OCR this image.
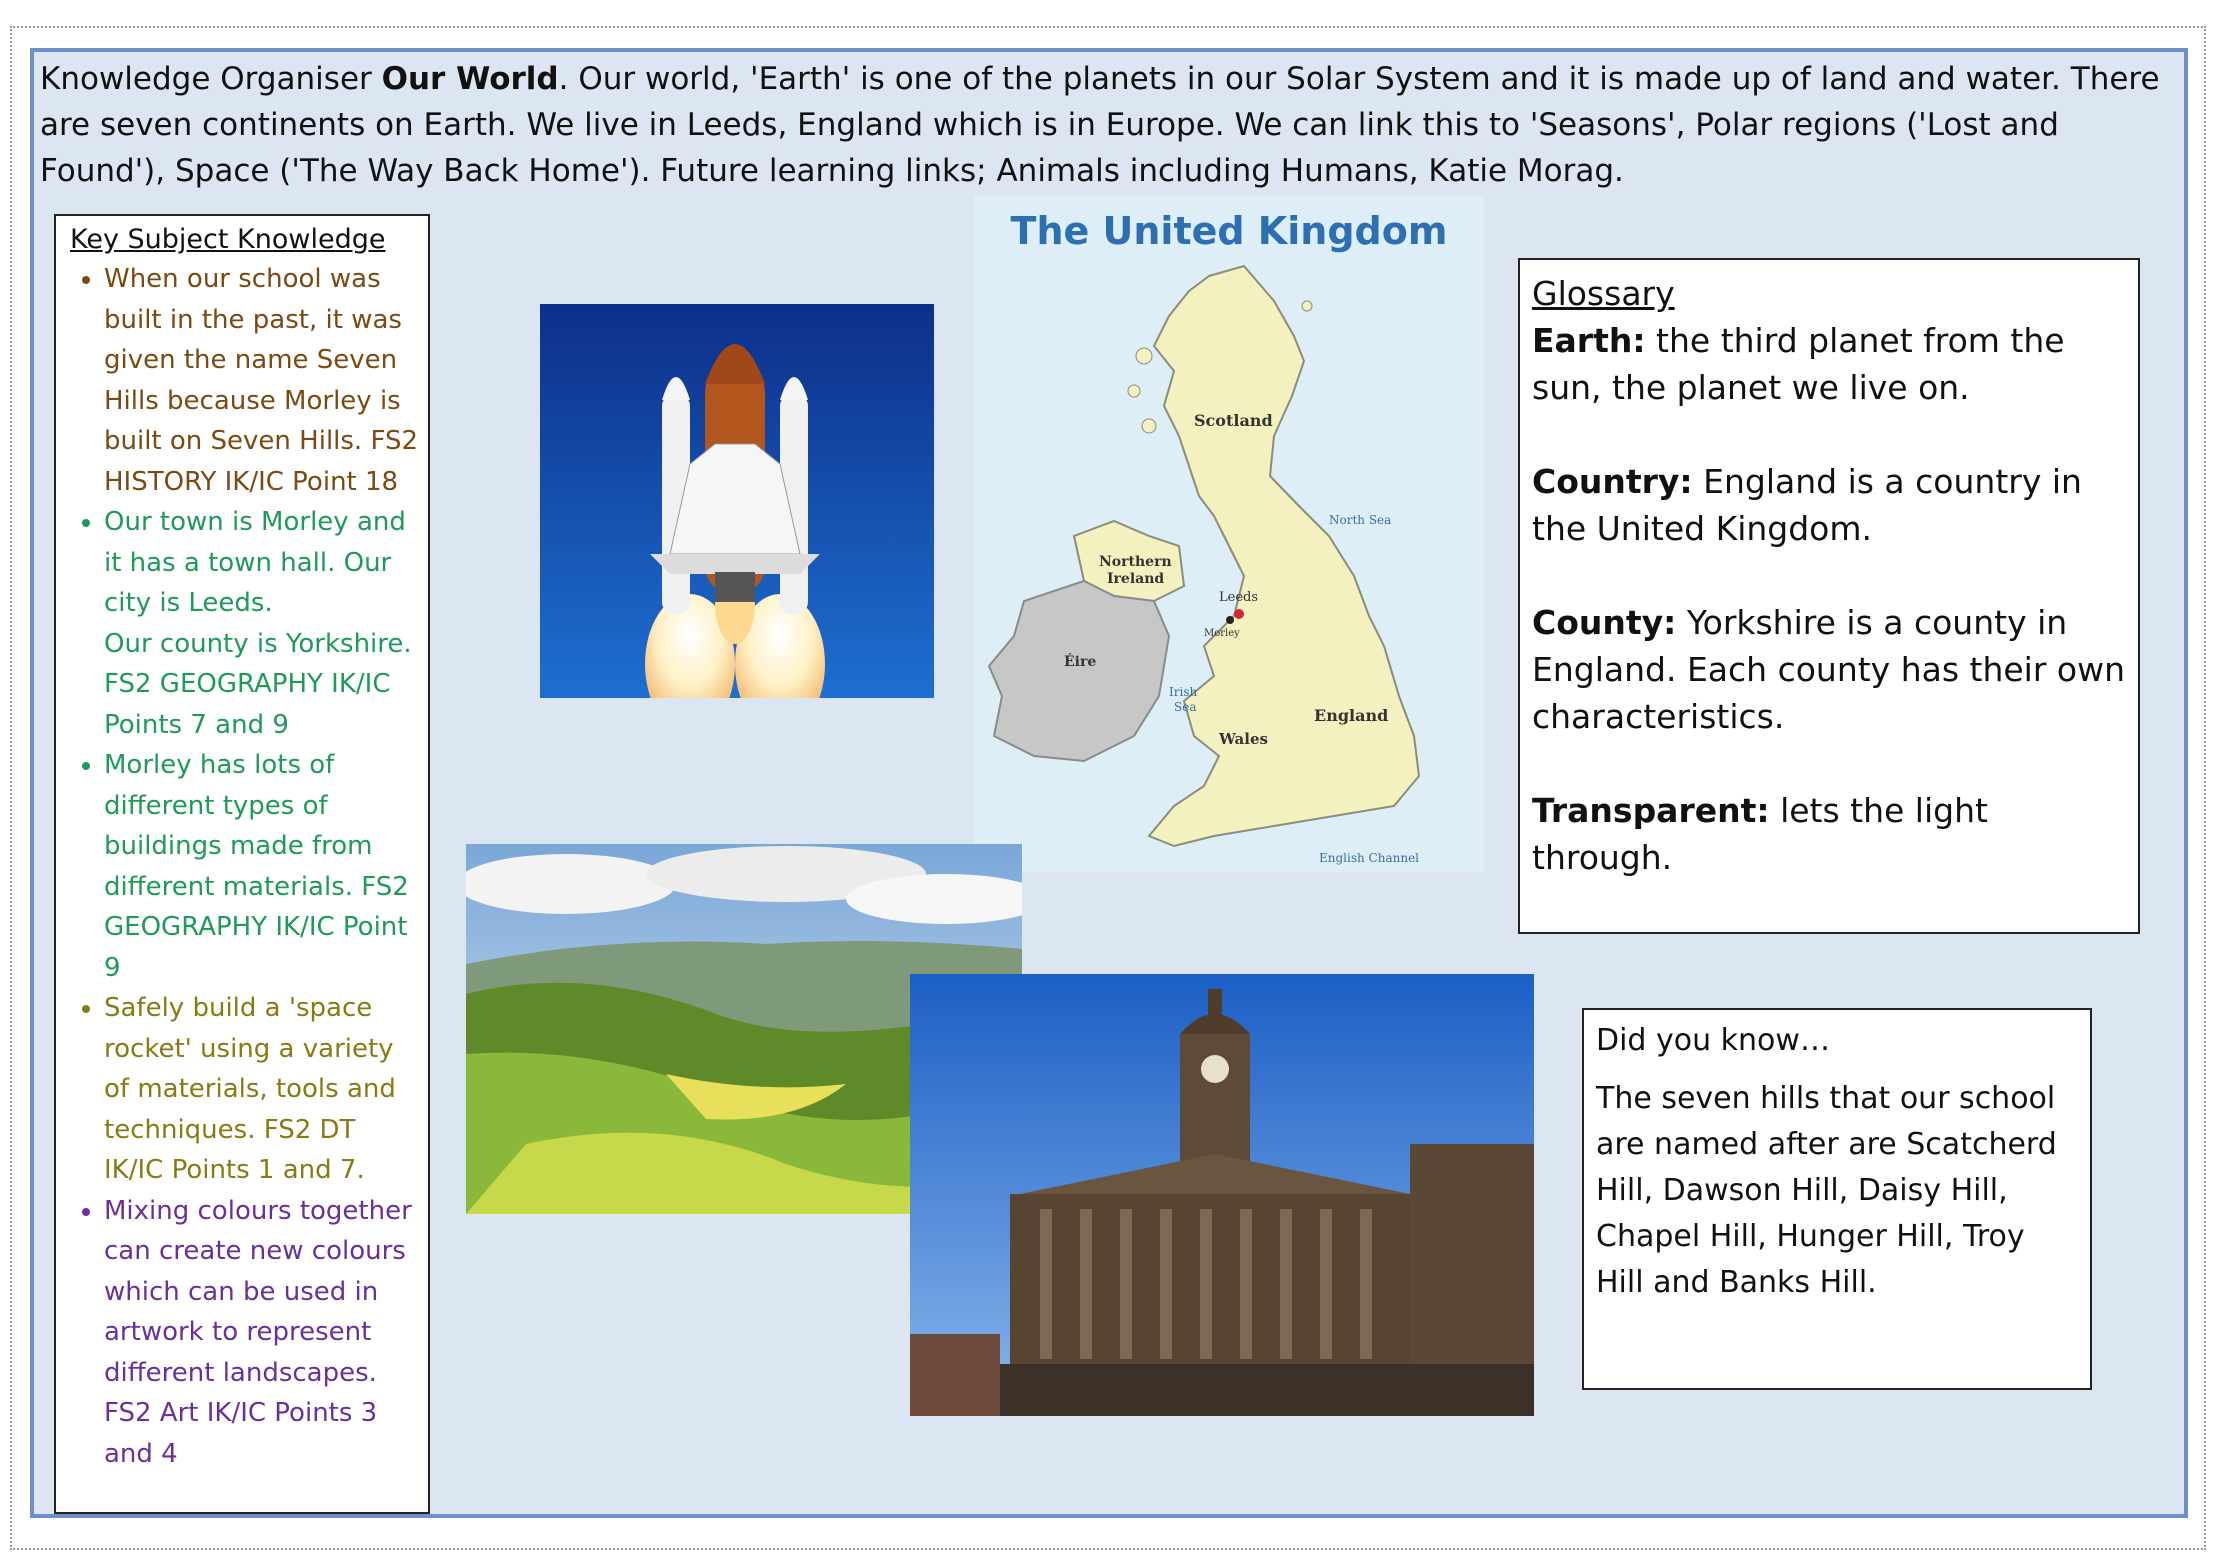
Knowledge Organiser Our World. Our world, 'Earth' is one of the planets in our Solar System and it is made up of land and water. There are seven continents on Earth. We live in Leeds, England which is in Europe. We can link this to 'Seasons', Polar regions ('Lost and Found'), Space ('The Way Back Home'). Future learning links; Animals including Humans, Katie Morag.
Key Subject Knowledge
• When our school was built in the past, it was given the name Seven Hills because Morley is built on Seven Hills. FS2 HISTORY IK/IC Point 18
• Our town is Morley and it has a town hall. Our city is Leeds.
Our county is Yorkshire. FS2 GEOGRAPHY IK/IC Points 7 and 9
• Morley has lots of different types of buildings made from different materials. FS2 GEOGRAPHY IK/IC Point 9
• Safely build a 'space rocket' using a variety of materials, tools and techniques. FS2 DT IK/IC Points 1 and 7.
• Mixing colours together can create new colours which can be used in artwork to represent different landscapes. FS2 Art IK/IC Points 3 and 4
The United Kingdom
Scotland
Northern
Ireland
Éire
Leeds
Morley
Wales
England
North Sea
Irish
Sea
English Channel
Glossary

Earth: the third planet from the sun, the planet we live on.

Country: England is a country in the United Kingdom.

County: Yorkshire is a county in England. Each county has their own characteristics.

Transparent: lets the light through.

Did you know…

The seven hills that our school are named after are Scatcherd Hill, Dawson Hill, Daisy Hill, Chapel Hill, Hunger Hill, Troy Hill and Banks Hill.
